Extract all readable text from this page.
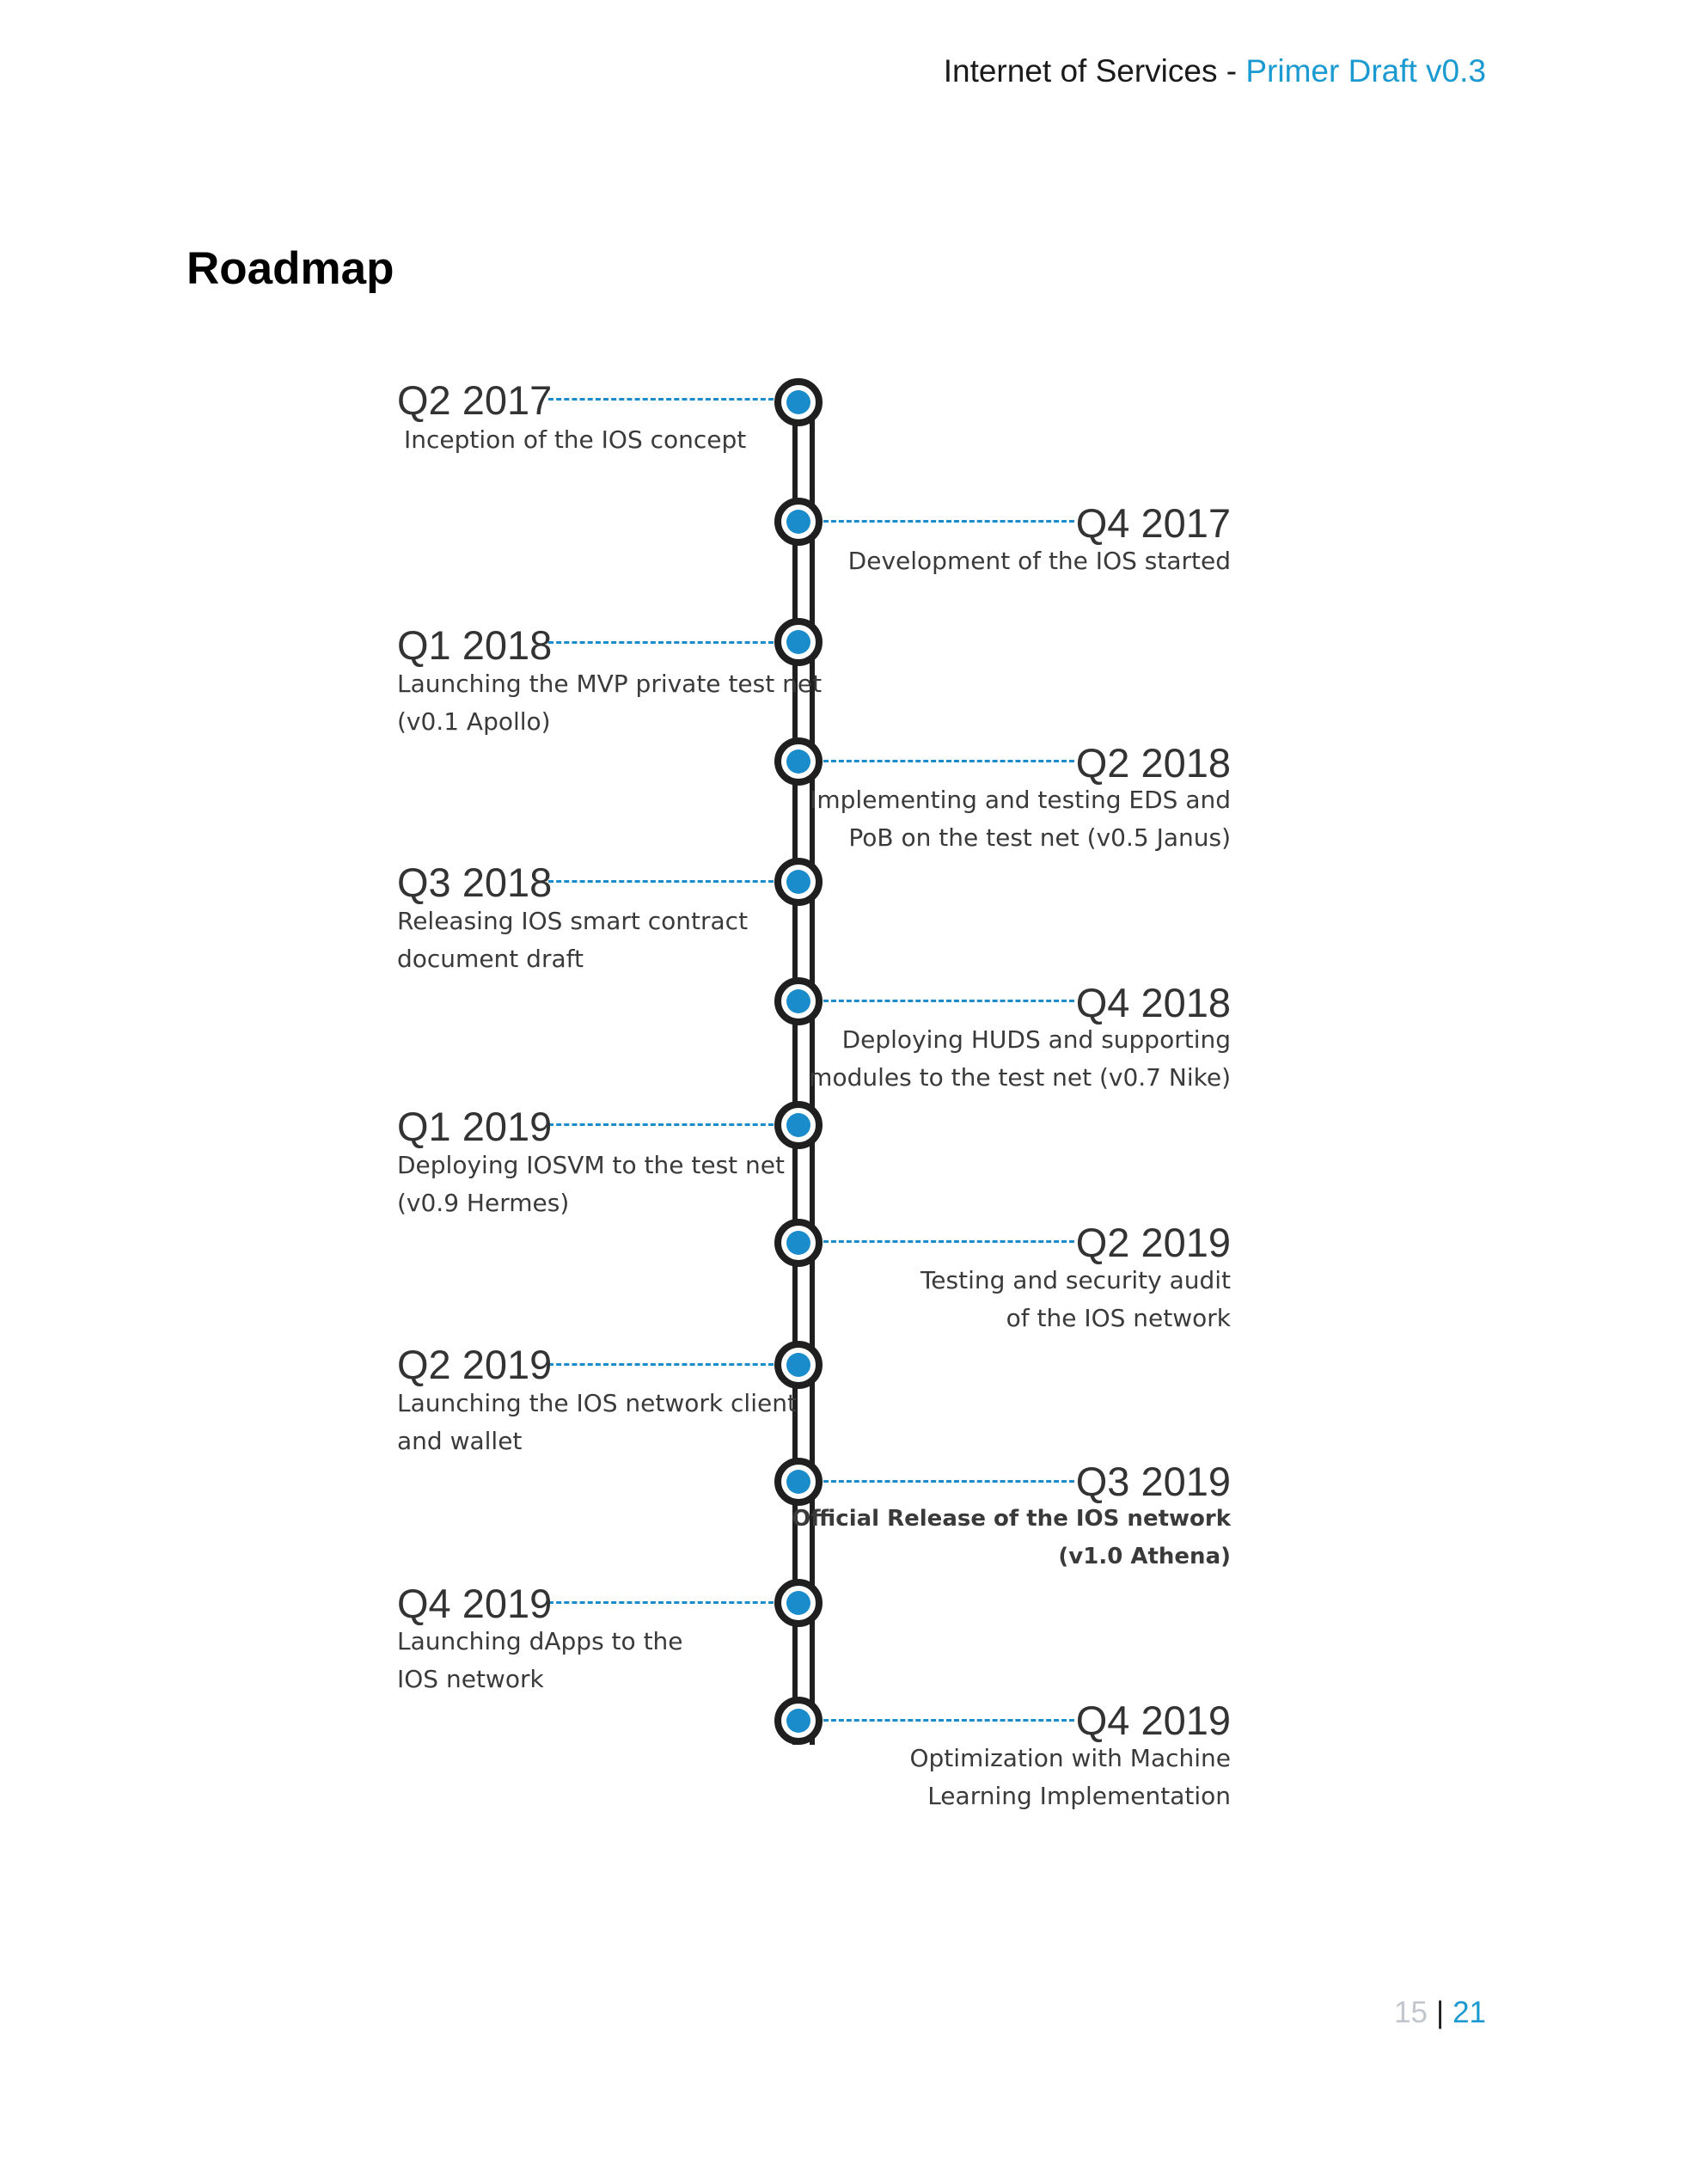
Internet of Services - Primer Draft v0.3
Roadmap
Q2 2017
Inception of the IOS concept
Q4 2017
Development of the IOS started
Q1 2018
Launching the MVP private test net
(v0.1 Apollo)
Q2 2018
Implementing and testing EDS and
PoB on the test net (v0.5 Janus)
Q3 2018
Releasing IOS smart contract
document draft
Q4 2018
Deploying HUDS and supporting
modules to the test net (v0.7 Nike)
Q1 2019
Deploying IOSVM to the test net
(v0.9 Hermes)
Q2 2019
Testing and security audit
of the IOS network
Q2 2019
Launching the IOS network client
and wallet
Q3 2019
Official Release of the IOS network
(v1.0 Athena)
Q4 2019
Launching dApps to the
IOS network
Q4 2019
Optimization with Machine
Learning Implementation
15 | 21
